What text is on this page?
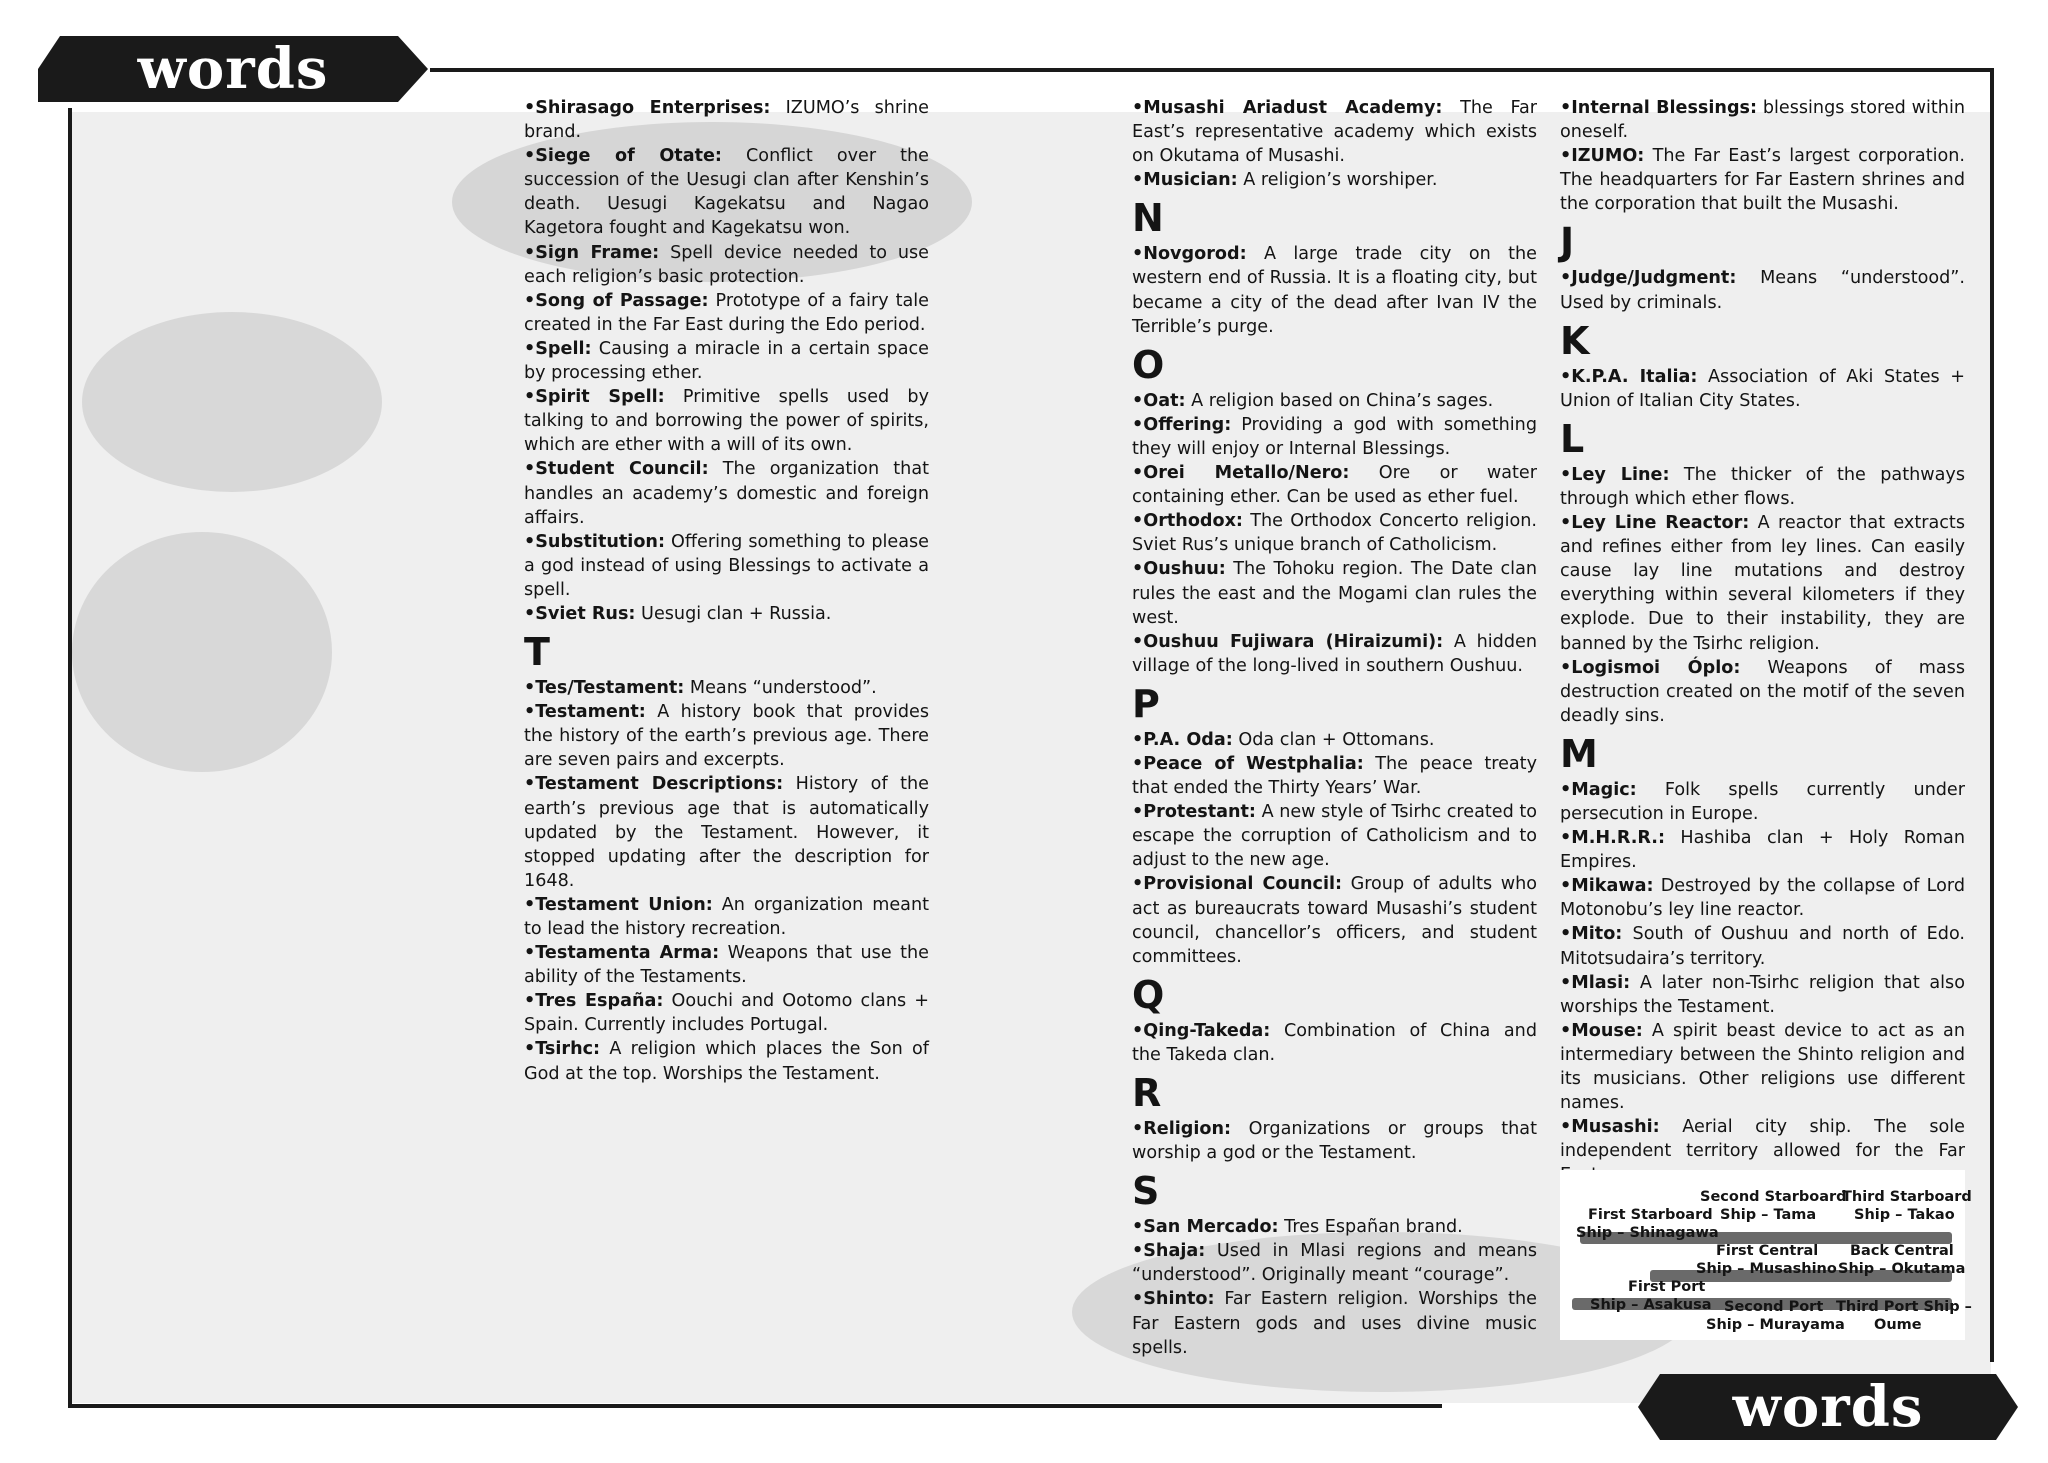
words
words

•Shirasago Enterprises: IZUMO’s shrine brand.

•Siege of Otate: Conflict over the succession of the Uesugi clan after Kenshin’s death. Uesugi Kagekatsu and Nagao Kagetora fought and Kagekatsu won.

•Sign Frame: Spell device needed to use each religion’s basic protection.

•Song of Passage: Prototype of a fairy tale created in the Far East during the Edo period.

•Spell: Causing a miracle in a certain space by processing ether.

•Spirit Spell: Primitive spells used by talking to and borrowing the power of spirits, which are ether with a will of its own.

•Student Council: The organization that handles an academy’s domestic and foreign affairs.

•Substitution: Offering something to please a god instead of using Blessings to activate a spell.

•Sviet Rus: Uesugi clan + Russia.

T

•Tes/Testament: Means “understood”.

•Testament: A history book that provides the history of the earth’s previous age. There are seven pairs and excerpts.

•Testament Descriptions: History of the earth’s previous age that is automatically updated by the Testament. However, it stopped updating after the description for 1648.

•Testament Union: An organization meant to lead the history recreation.

•Testamenta Arma: Weapons that use the ability of the Testaments.

•Tres España: Oouchi and Ootomo clans + Spain. Currently includes Portugal.

•Tsirhc: A religion which places the Son of God at the top. Worships the Testament.

•Musashi Ariadust Academy: The Far East’s representative academy which exists on Okutama of Musashi.

•Musician: A religion’s worshiper.

N

•Novgorod: A large trade city on the western end of Russia. It is a floating city, but became a city of the dead after Ivan IV the Terrible’s purge.

O

•Oat: A religion based on China’s sages.

•Offering: Providing a god with something they will enjoy or Internal Blessings.

•Orei Metallo/Nero: Ore or water containing ether. Can be used as ether fuel.

•Orthodox: The Orthodox Concerto religion. Sviet Rus’s unique branch of Catholicism.

•Oushuu: The Tohoku region. The Date clan rules the east and the Mogami clan rules the west.

•Oushuu Fujiwara (Hiraizumi): A hidden village of the long-lived in southern Oushuu.

P

•P.A. Oda: Oda clan + Ottomans.

•Peace of Westphalia: The peace treaty that ended the Thirty Years’ War.

•Protestant: A new style of Tsirhc created to escape the corruption of Catholicism and to adjust to the new age.

•Provisional Council: Group of adults who act as bureaucrats toward Musashi’s student council, chancellor’s officers, and student committees.

Q

•Qing-Takeda: Combination of China and the Takeda clan.

R

•Religion: Organizations or groups that worship a god or the Testament.

S

•San Mercado: Tres Españan brand.

•Shaja: Used in Mlasi regions and means “understood”. Originally meant “courage”.

•Shinto: Far Eastern religion. Worships the Far Eastern gods and uses divine music spells.

•Internal Blessings: blessings stored within oneself.

•IZUMO: The Far East’s largest corporation. The headquarters for Far Eastern shrines and the corporation that built the Musashi.

J

•Judge/Judgment: Means “understood”. Used by criminals.

K

•K.P.A. Italia: Association of Aki States + Union of Italian City States.

L

•Ley Line: The thicker of the pathways through which ether flows.

•Ley Line Reactor: A reactor that extracts and refines either from ley lines. Can easily cause lay line mutations and destroy everything within several kilometers if they explode. Due to their instability, they are banned by the Tsirhc religion.

•Logismoi Óplo: Weapons of mass destruction created on the motif of the seven deadly sins.

M

•Magic: Folk spells currently under persecution in Europe.

•M.H.R.R.: Hashiba clan + Holy Roman Empires.

•Mikawa: Destroyed by the collapse of Lord Motonobu’s ley line reactor.

•Mito: South of Oushuu and north of Edo. Mitotsudaira’s territory.

•Mlasi: A later non-Tsirhc religion that also worships the Testament.

•Mouse: A spirit beast device to act as an intermediary between the Shinto religion and its musicians. Other religions use different names.

•Musashi: Aerial city ship. The sole independent territory allowed for the Far

Second Starboard
Third Starboard
First Starboard Ship – Tama	Ship – Takao
Ship – Shinagawa
First Central Back Central
Ship – Musashino Ship – Okutama
First Port
Ship – Asakusa Second Port Third Port Ship –
Ship – Murayama Oume
